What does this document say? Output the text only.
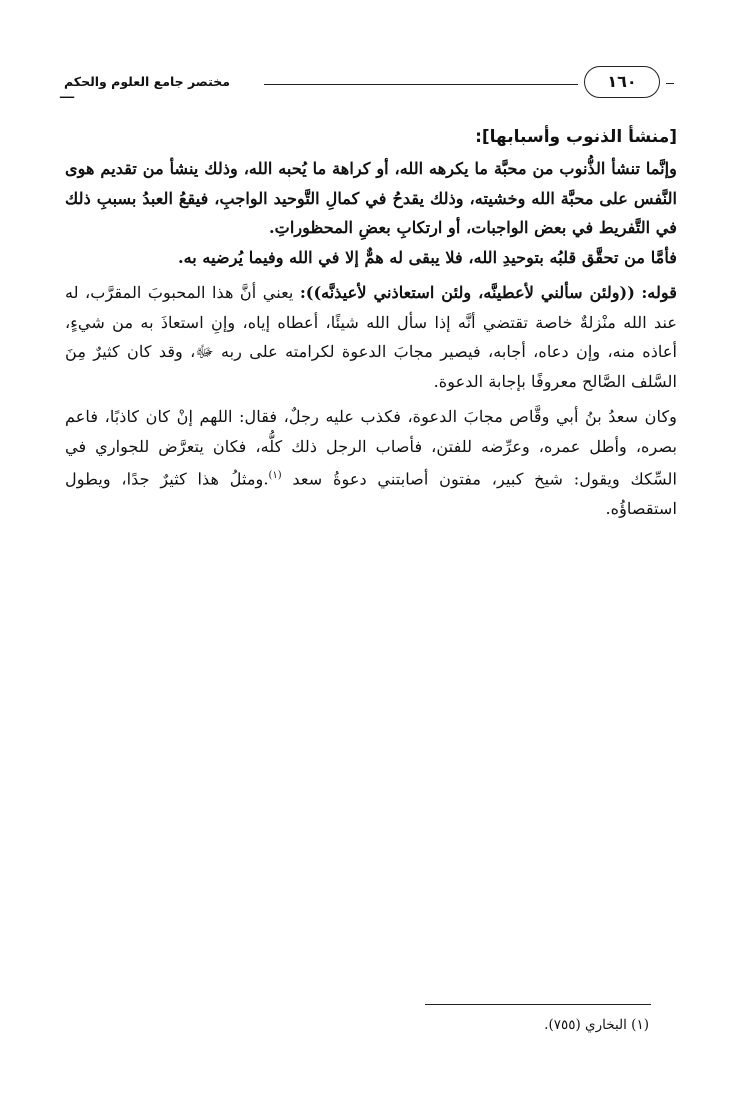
ـــ
مختصر جامع العلوم والحكم	١٦٠

[منشأ الذنوب وأسبابها]:

وإنَّما تنشأ الذُّنوب من محبَّة ما يكرهه الله، أو كراهة ما يُحبه الله، وذلك ينشأ من تقديم هوى النَّفس على محبَّة الله وخشيته، وذلك يقدحُ في كمالِ التَّوحيد الواجبِ، فيقعُ العبدُ بسببِ ذلك في التَّفريط في بعض الواجبات، أو ارتكابِ بعضِ المحظوراتِ.

فأمَّا من تحقَّق قلبُه بتوحيدِ الله، فلا يبقى له همٌّ إلا في الله وفيما يُرضيه به.

قوله: ((ولئن سألني لأعطينَّه، ولئن استعاذني لأعيذنَّه)): يعني أنَّ هذا المحبوبَ المقرَّب، له عند الله منْزلةٌ خاصة تقتضي أنَّه إذا سأل الله شيئًا، أعطاه إياه، وإنِ استعاذَ به من شيءٍ، أعاذه منه، وإن دعاه، أجابه، فيصير مجابَ الدعوة لكرامته على ربه ﷻ، وقد كان كثيرٌ مِنَ السَّلف الصَّالح معروفًا بإجابة الدعوة.

وكان سعدُ بنُ أبي وقَّاص مجابَ الدعوة، فكذب عليه رجلٌ، فقال: اللهم إنْ كان كاذبًا، فاعم بصره، وأطل عمره، وعرِّضه للفتن، فأصاب الرجل ذلك كلُّه، فكان يتعرَّض للجواري في السِّكك ويقول: شيخ كبير، مفتون أصابتني دعوةُ سعد $^{(١)}$.ومثلُ هذا كثيرٌ جدًا، ويطول استقصاؤُه.

(١) البخاري (٧٥٥).
